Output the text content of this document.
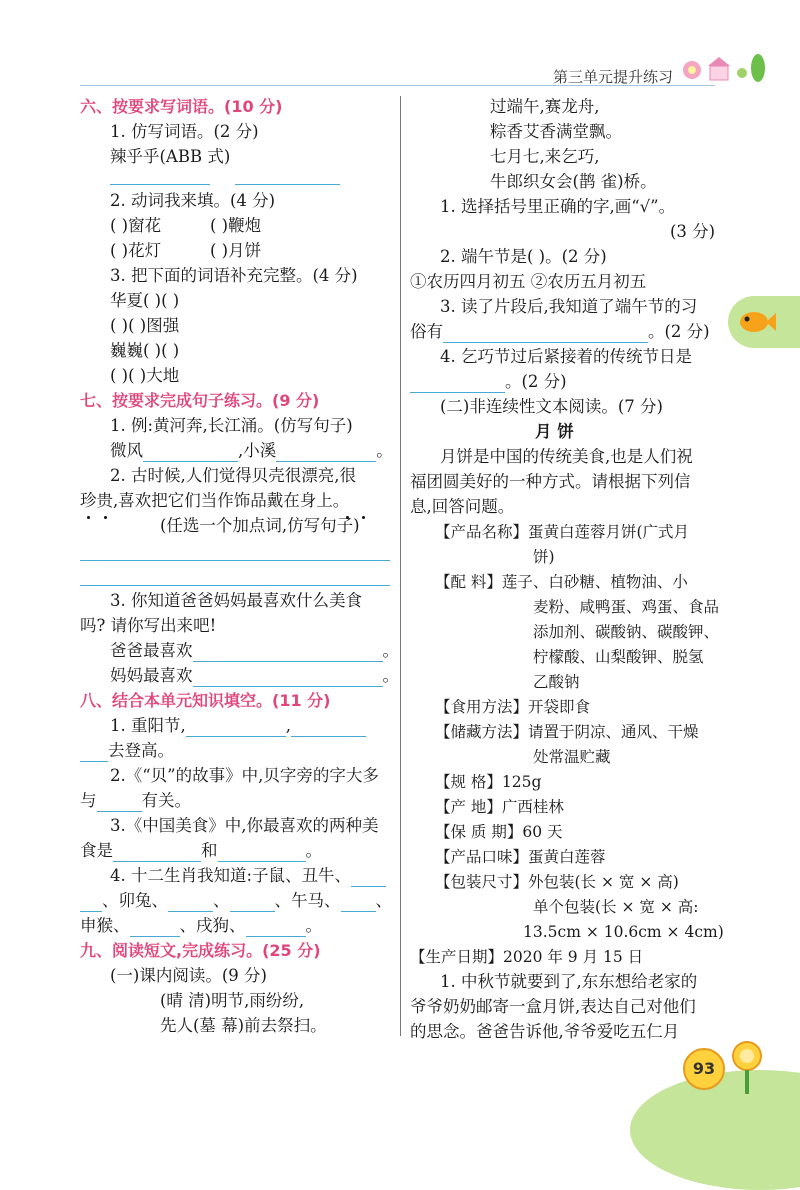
第三单元提升练习
六、按要求写词语。(10 分)
1. 仿写词语。(2 分)
辣乎乎(ABB 式)
2. 动词我来填。(4 分)
( )窗花	( )鞭炮
( )花灯	( )月饼
3. 把下面的词语补充完整。(4 分)
华夏( )( )
( )( )图强
巍巍( )( )
( )( )大地
七、按要求完成句子练习。(9 分)
1. 例:黄河奔,长江涌。(仿写句子)
微风	,小溪	。
2. 古时候,人们觉得贝壳很漂亮,很
珍贵,喜欢把它们当作饰品戴在身上。
(任选一个加点词,仿写句子)
3. 你知道爸爸妈妈最喜欢什么美食
吗? 请你写出来吧!
爸爸最喜欢	。
妈妈最喜欢	。
八、结合本单元知识填空。(11 分)
1. 重阳节,	,
去登高。
2.《“贝”的故事》中,贝字旁的字大多
与	有关。
3.《中国美食》中,你最喜欢的两种美
食是	和	。
4. 十二生肖我知道:子鼠、丑牛、
、卯兔、	、	、午马、 、
申猴、	、戌狗、	。
九、阅读短文,完成练习。(25 分)
(一)课内阅读。(9 分)
(晴 清)明节,雨纷纷,
先人(墓 幕)前去祭扫。
过端午,赛龙舟,
粽香艾香满堂飘。
七月七,来乞巧,
牛郎织女会(鹊 雀)桥。
1. 选择括号里正确的字,画“√”。
(3 分)
2. 端午节是( )。(2 分)
①农历四月初五 ②农历五月初五
3. 读了片段后,我知道了端午节的习
俗有	。(2 分)
4. 乞巧节过后紧接着的传统节日是
。(2 分)
(二)非连续性文本阅读。(7 分)
月 饼
月饼是中国的传统美食,也是人们祝
福团圆美好的一种方式。请根据下列信
息,回答问题。
【产品名称】蛋黄白莲蓉月饼(广式月
饼)
【配 料】莲子、白砂糖、植物油、小
麦粉、咸鸭蛋、鸡蛋、食品
添加剂、碳酸钠、碳酸钾、
柠檬酸、山梨酸钾、脱氢
乙酸钠
【食用方法】开袋即食
【储藏方法】请置于阴凉、通风、干燥
处常温贮藏
【规 格】125g
【产 地】广西桂林
【保 质 期】60 天
【产品口味】蛋黄白莲蓉
【包装尺寸】外包装(长 × 宽 × 高)
单个包装(长 × 宽 × 高:
13.5cm × 10.6cm × 4cm)
【生产日期】2020 年 9 月 15 日
1. 中秋节就要到了,东东想给老家的
爷爷奶奶邮寄一盒月饼,表达自己对他们
的思念。爸爸告诉他,爷爷爱吃五仁月
93
